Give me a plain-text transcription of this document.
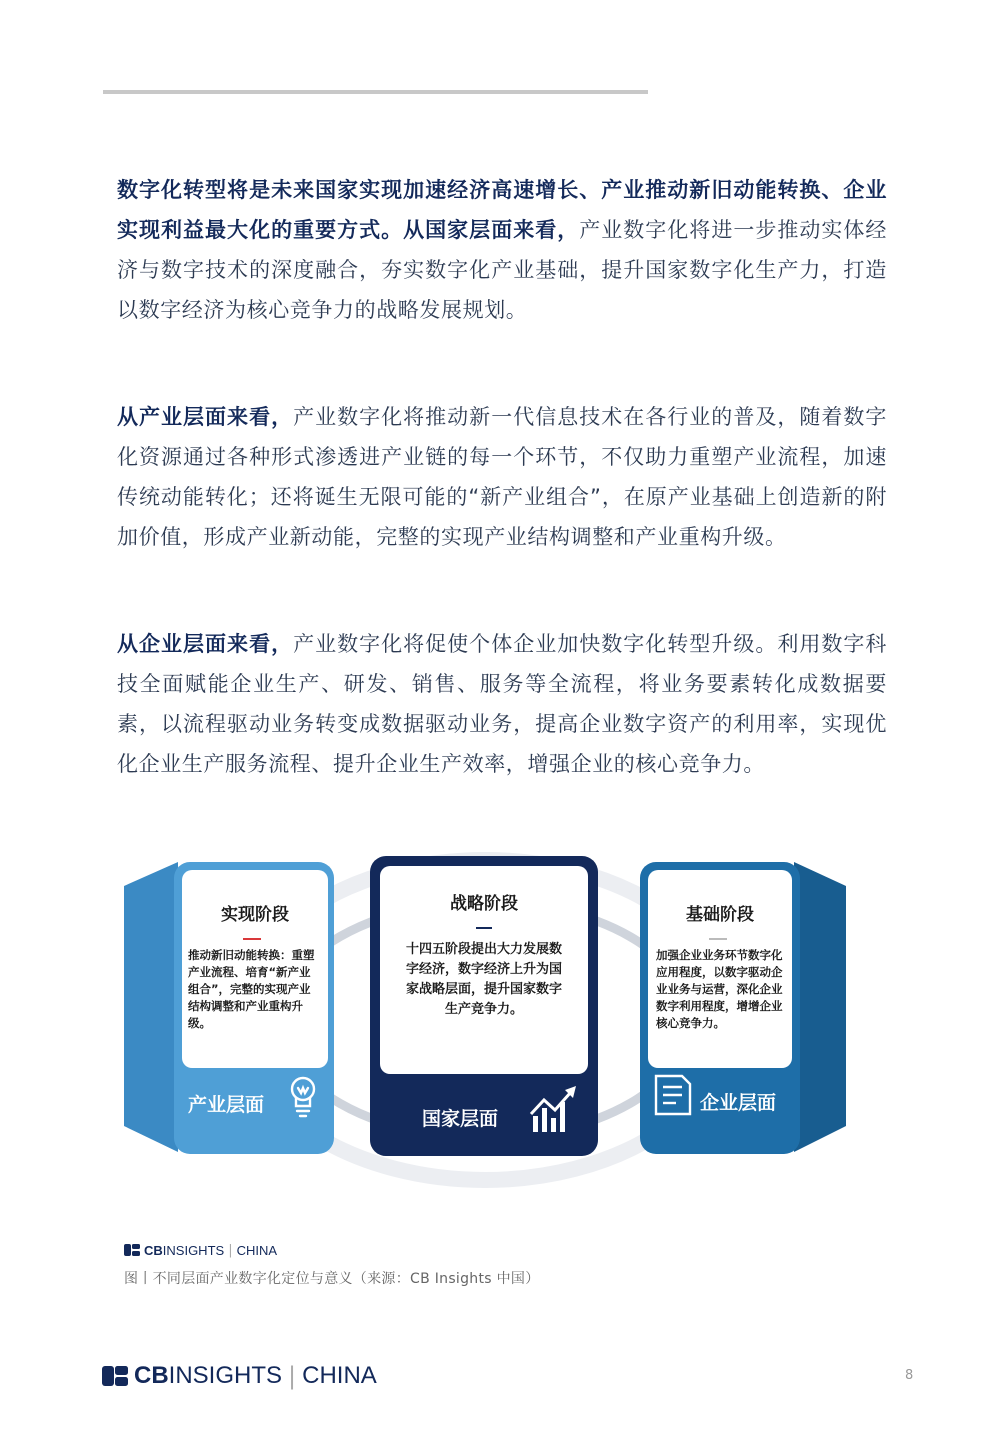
数字化转型将是未来国家实现加速经济高速增长、产业推动新旧动能转换、企业实现利益最大化的重要方式。从国家层面来看，产业数字化将进一步推动实体经济与数字技术的深度融合，夯实数字化产业基础，提升国家数字化生产力，打造以数字经济为核心竞争力的战略发展规划。

从产业层面来看，产业数字化将推动新一代信息技术在各行业的普及，随着数字化资源通过各种形式渗透进产业链的每一个环节，不仅助力重塑产业流程，加速传统动能转化；还将诞生无限可能的“新产业组合”，在原产业基础上创造新的附加价值，形成产业新动能，完整的实现产业结构调整和产业重构升级。

从企业层面来看，产业数字化将促使个体企业加快数字化转型升级。利用数字科技全面赋能企业生产、研发、销售、服务等全流程，将业务要素转化成数据要素，以流程驱动业务转变成数据驱动业务，提高企业数字资产的利用率，实现优化企业生产服务流程、提升企业生产效率，增强企业的核心竞争力。

实现阶段
推动新旧动能转换：重塑产业流程、培育“新产业组合”，完整的实现产业结构调整和产业重构升级。
产业层面
战略阶段
十四五阶段提出大力发展数字经济，数字经济上升为国家战略层面，提升国家数字生产竞争力。
国家层面
基础阶段
加强企业业务环节数字化应用程度，以数字驱动企业业务与运营，深化企业数字利用程度，增增企业核心竞争力。
企业层面
CB INSIGHTS | CHINA
图丨不同层面产业数字化定位与意义（来源：CB Insights 中国）
CB INSIGHTS | CHINA	8
